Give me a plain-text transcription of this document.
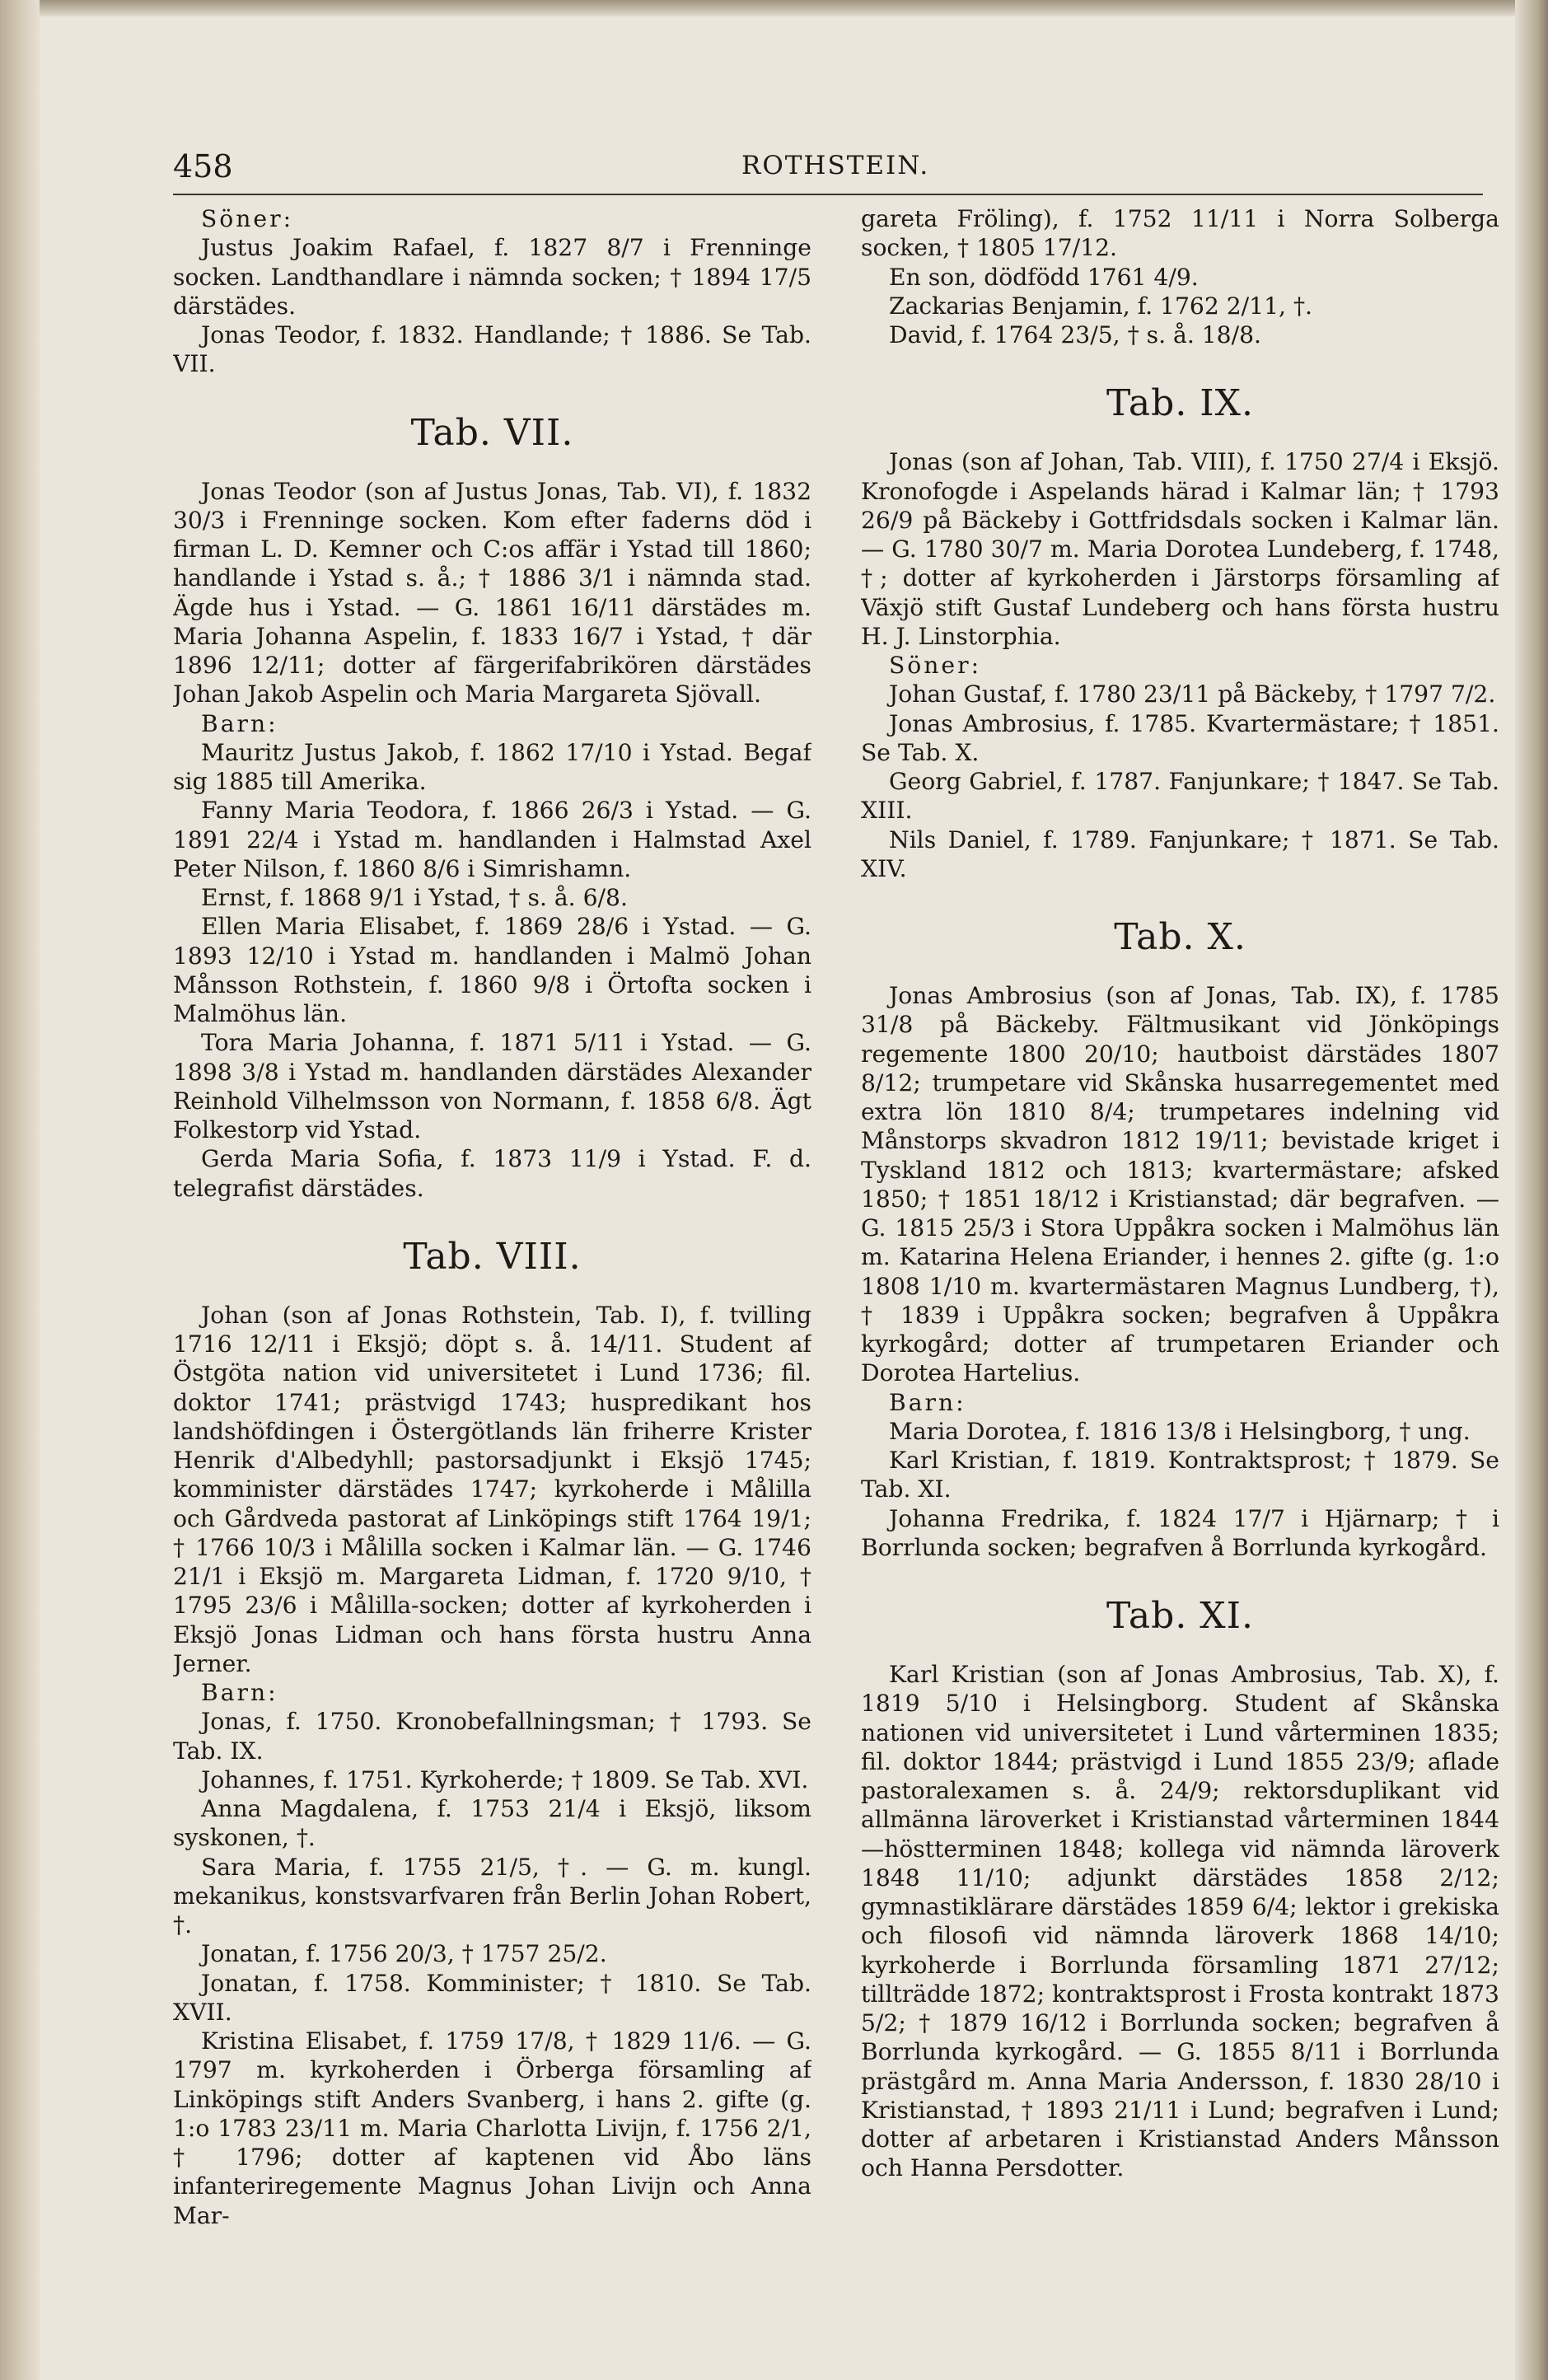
458	ROTHSTEIN.

Söner:

Justus Joakim Rafael, f. 1827 8/7 i Frenninge socken. Landthandlare i nämnda socken; † 1894 17/5 därstädes.

Jonas Teodor, f. 1832. Handlande; † 1886. Se Tab. VII.

Tab. VII.

Jonas Teodor (son af Justus Jonas, Tab. VI), f. 1832 30/3 i Frenninge socken. Kom efter faderns död i firman L. D. Kemner och C:os affär i Ystad till 1860; handlande i Ystad s. å.; † 1886 3/1 i nämnda stad. Ägde hus i Ystad. — G. 1861 16/11 därstädes m. Maria Johanna Aspelin, f. 1833 16/7 i Ystad, † där 1896 12/11; dotter af färgerifabrikören därstädes Johan Jakob Aspelin och Maria Margareta Sjövall.

Barn:

Mauritz Justus Jakob, f. 1862 17/10 i Ystad. Begaf sig 1885 till Amerika.

Fanny Maria Teodora, f. 1866 26/3 i Ystad. — G. 1891 22/4 i Ystad m. handlanden i Halmstad Axel Peter Nilson, f. 1860 8/6 i Simrishamn.

Ernst, f. 1868 9/1 i Ystad, † s. å. 6/8.

Ellen Maria Elisabet, f. 1869 28/6 i Ystad. — G. 1893 12/10 i Ystad m. handlanden i Malmö Johan Månsson Rothstein, f. 1860 9/8 i Örtofta socken i Malmöhus län.

Tora Maria Johanna, f. 1871 5/11 i Ystad. — G. 1898 3/8 i Ystad m. handlanden därstädes Alexander Reinhold Vilhelmsson von Normann, f. 1858 6/8. Ägt Folkestorp vid Ystad.

Gerda Maria Sofia, f. 1873 11/9 i Ystad. F. d. telegrafist därstädes.

Tab. VIII.

Johan (son af Jonas Rothstein, Tab. I), f. tvilling 1716 12/11 i Eksjö; döpt s. å. 14/11. Student af Östgöta nation vid universitetet i Lund 1736; fil. doktor 1741; prästvigd 1743; huspredikant hos landshöfdingen i Östergötlands län friherre Krister Henrik d'Albedyhll; pastorsadjunkt i Eksjö 1745; komminister därstädes 1747; kyrkoherde i Målilla och Gårdveda pastorat af Linköpings stift 1764 19/1; † 1766 10/3 i Målilla socken i Kalmar län. — G. 1746 21/1 i Eksjö m. Margareta Lidman, f. 1720 9/10, † 1795 23/6 i Målilla-socken; dotter af kyrkoherden i Eksjö Jonas Lidman och hans första hustru Anna Jerner.

Barn:

Jonas, f. 1750. Kronobefallningsman; † 1793. Se Tab. IX.

Johannes, f. 1751. Kyrkoherde; † 1809. Se Tab. XVI.

Anna Magdalena, f. 1753 21/4 i Eksjö, liksom syskonen, †.

Sara Maria, f. 1755 21/5, †. — G. m. kungl. mekanikus, konstsvarfvaren från Berlin Johan Robert, †.

Jonatan, f. 1756 20/3, † 1757 25/2.

Jonatan, f. 1758. Komminister; † 1810. Se Tab. XVII.

Kristina Elisabet, f. 1759 17/8, † 1829 11/6. — G. 1797 m. kyrkoherden i Örberga församling af Linköpings stift Anders Svanberg, i hans 2. gifte (g. 1:o 1783 23/11 m. Maria Charlotta Livijn, f. 1756 2/1, † 1796; dotter af kaptenen vid Åbo läns infanteriregemente Magnus Johan Livijn och Anna Mar-

gareta Fröling), f. 1752 11/11 i Norra Solberga socken, † 1805 17/12.

En son, dödfödd 1761 4/9.

Zackarias Benjamin, f. 1762 2/11, †.

David, f. 1764 23/5, † s. å. 18/8.

Tab. IX.

Jonas (son af Johan, Tab. VIII), f. 1750 27/4 i Eksjö. Kronofogde i Aspelands härad i Kalmar län; † 1793 26/9 på Bäckeby i Gottfridsdals socken i Kalmar län. — G. 1780 30/7 m. Maria Dorotea Lundeberg, f. 1748, †; dotter af kyrkoherden i Järstorps församling af Växjö stift Gustaf Lundeberg och hans första hustru H. J. Linstorphia.

Söner:

Johan Gustaf, f. 1780 23/11 på Bäckeby, † 1797 7/2.

Jonas Ambrosius, f. 1785. Kvartermästare; † 1851. Se Tab. X.

Georg Gabriel, f. 1787. Fanjunkare; † 1847. Se Tab. XIII.

Nils Daniel, f. 1789. Fanjunkare; † 1871. Se Tab. XIV.

Tab. X.

Jonas Ambrosius (son af Jonas, Tab. IX), f. 1785 31/8 på Bäckeby. Fältmusikant vid Jönköpings regemente 1800 20/10; hautboist därstädes 1807 8/12; trumpetare vid Skånska husarregementet med extra lön 1810 8/4; trumpetares indelning vid Månstorps skvadron 1812 19/11; bevistade kriget i Tyskland 1812 och 1813; kvartermästare; afsked 1850; † 1851 18/12 i Kristianstad; där begrafven. — G. 1815 25/3 i Stora Uppåkra socken i Malmöhus län m. Katarina Helena Eriander, i hennes 2. gifte (g. 1:o 1808 1/10 m. kvartermästaren Magnus Lundberg, †), † 1839 i Uppåkra socken; begrafven å Uppåkra kyrkogård; dotter af trumpetaren Eriander och Dorotea Hartelius.

Barn:

Maria Dorotea, f. 1816 13/8 i Helsingborg, † ung.

Karl Kristian, f. 1819. Kontraktsprost; † 1879. Se Tab. XI.

Johanna Fredrika, f. 1824 17/7 i Hjärnarp; † i Borrlunda socken; begrafven å Borrlunda kyrkogård.

Tab. XI.

Karl Kristian (son af Jonas Ambrosius, Tab. X), f. 1819 5/10 i Helsingborg. Student af Skånska nationen vid universitetet i Lund vårterminen 1835; fil. doktor 1844; prästvigd i Lund 1855 23/9; aflade pastoralexamen s. å. 24/9; rektorsduplikant vid allmänna läroverket i Kristianstad vårterminen 1844—höstterminen 1848; kollega vid nämnda läroverk 1848 11/10; adjunkt därstädes 1858 2/12; gymnastiklärare därstädes 1859 6/4; lektor i grekiska och filosofi vid nämnda läroverk 1868 14/10; kyrkoherde i Borrlunda församling 1871 27/12; tillträdde 1872; kontraktsprost i Frosta kontrakt 1873 5/2; † 1879 16/12 i Borrlunda socken; begrafven å Borrlunda kyrkogård. — G. 1855 8/11 i Borrlunda prästgård m. Anna Maria Andersson, f. 1830 28/10 i Kristianstad, † 1893 21/11 i Lund; begrafven i Lund; dotter af arbetaren i Kristianstad Anders Månsson och Hanna Persdotter.
